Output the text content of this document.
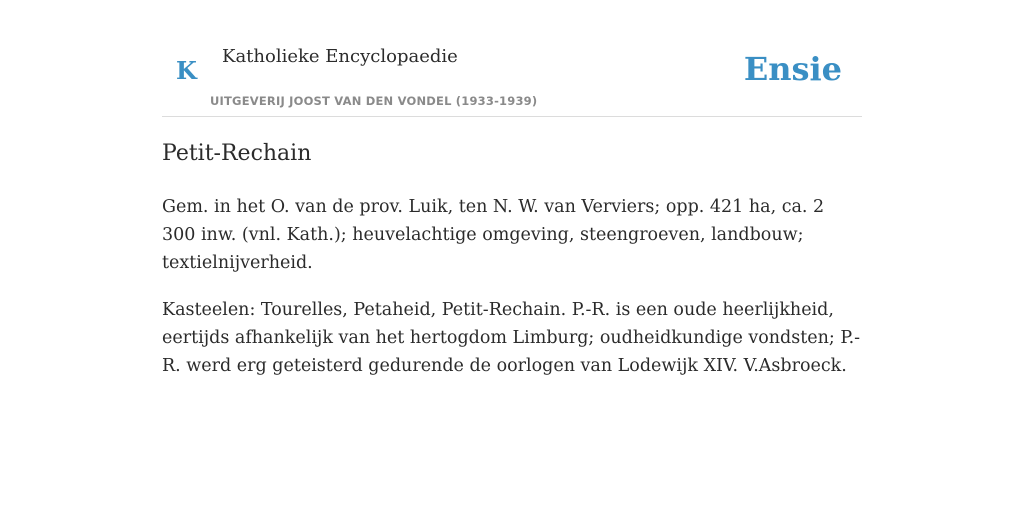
K Katholieke Encyclopaedie
UITGEVERIJ JOOST VAN DEN VONDEL (1933-1939)
Ensie
Petit-Rechain

Gem. in het O. van de prov. Luik, ten N. W. van Verviers; opp. 421 ha, ca. 2 300 inw. (vnl. Kath.); heuvelachtige omgeving, steengroeven, landbouw; textielnijverheid.

Kasteelen: Tourelles, Petaheid, Petit-Rechain. P.-R. is een oude heerlijkheid, eertijds afhankelijk van het hertogdom Limburg; oudheidkundige vondsten; P.-R. werd erg geteisterd gedurende de oorlogen van Lodewijk XIV. V.Asbroeck.
